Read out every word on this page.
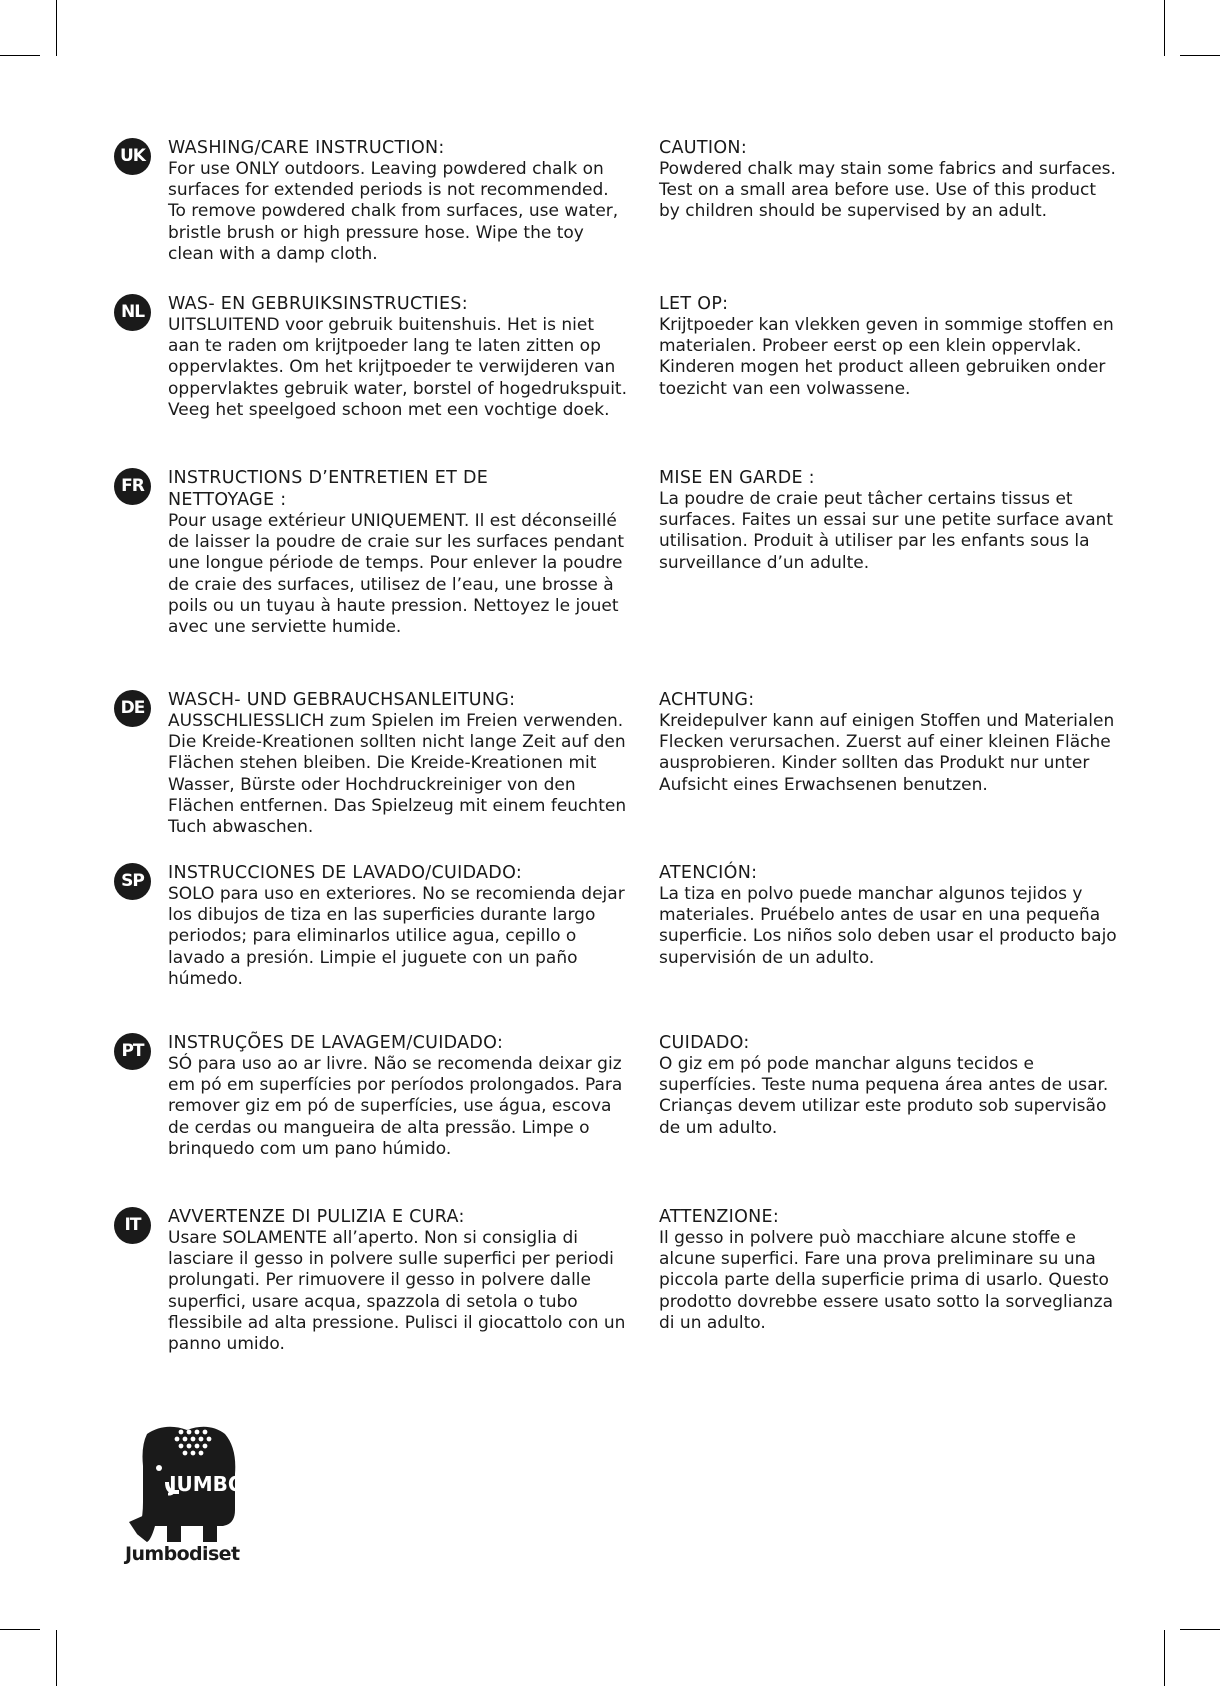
UK	WASHING/CARE INSTRUCTION:

For use ONLY outdoors. Leaving powdered chalk on surfaces for extended periods is not recommended. To remove powdered chalk from surfaces, use water, bristle brush or high pressure hose. Wipe the toy clean with a damp cloth.

CAUTION:

Powdered chalk may stain some fabrics and surfaces. Test on a small area before use. Use of this product by children should be supervised by an adult.

NL	WAS- EN GEBRUIKSINSTRUCTIES:

UITSLUITEND voor gebruik buitenshuis. Het is niet aan te raden om krijtpoeder lang te laten zitten op oppervlaktes. Om het krijtpoeder te verwijderen van oppervlaktes gebruik water, borstel of hogedrukspuit. Veeg het speelgoed schoon met een vochtige doek.

LET OP:

Krijtpoeder kan vlekken geven in sommige stoffen en materialen. Probeer eerst op een klein oppervlak. Kinderen mogen het product alleen gebruiken onder toezicht van een volwassene.

FR	INSTRUCTIONS D’ENTRETIEN ET DE NETTOYAGE :

Pour usage extérieur UNIQUEMENT. Il est déconseillé de laisser la poudre de craie sur les surfaces pendant une longue période de temps. Pour enlever la poudre de craie des surfaces, utilisez de l’eau, une brosse à poils ou un tuyau à haute pression. Nettoyez le jouet avec une serviette humide.

MISE EN GARDE :

La poudre de craie peut tâcher certains tissus et surfaces. Faites un essai sur une petite surface avant utilisation. Produit à utiliser par les enfants sous la surveillance d’un adulte.

DE	WASCH- UND GEBRAUCHSANLEITUNG:

AUSSCHLIESSLICH zum Spielen im Freien verwenden. Die Kreide-Kreationen sollten nicht lange Zeit auf den Flächen stehen bleiben. Die Kreide-Kreationen mit Wasser, Bürste oder Hochdruckreiniger von den Flächen entfernen. Das Spielzeug mit einem feuchten Tuch abwaschen.

ACHTUNG:

Kreidepulver kann auf einigen Stoffen und Materialen Flecken verursachen. Zuerst auf einer kleinen Fläche ausprobieren. Kinder sollten das Produkt nur unter Aufsicht eines Erwachsenen benutzen.

SP	INSTRUCCIONES DE LAVADO/CUIDADO:

SOLO para uso en exteriores. No se recomienda dejar los dibujos de tiza en las superficies durante largo periodos; para eliminarlos utilice agua, cepillo o lavado a presión. Limpie el juguete con un paño húmedo.

ATENCIÓN:

La tiza en polvo puede manchar algunos tejidos y materiales. Pruébelo antes de usar en una pequeña superficie. Los niños solo deben usar el producto bajo supervisión de un adulto.

PT	INSTRUÇÕES DE LAVAGEM/CUIDADO:

SÓ para uso ao ar livre. Não se recomenda deixar giz em pó em superfícies por períodos prolongados. Para remover giz em pó de superfícies, use água, escova de cerdas ou mangueira de alta pressão. Limpe o brinquedo com um pano húmido.

CUIDADO:

O giz em pó pode manchar alguns tecidos e superfícies. Teste numa pequena área antes de usar. Crianças devem utilizar este produto sob supervisão de um adulto.

IT	AVVERTENZE DI PULIZIA E CURA:

Usare SOLAMENTE all’aperto. Non si consiglia di lasciare il gesso in polvere sulle superfici per periodi prolungati. Per rimuovere il gesso in polvere dalle superfici, usare acqua, spazzola di setola o tubo flessibile ad alta pressione. Pulisci il giocattolo con un panno umido.

ATTENZIONE:

Il gesso in polvere può macchiare alcune stoffe e alcune superfici. Fare una prova preliminare su una piccola parte della superficie prima di usarlo. Questo prodotto dovrebbe essere usato sotto la sorveglianza di un adulto.

JUMBO
Jumbodiset
